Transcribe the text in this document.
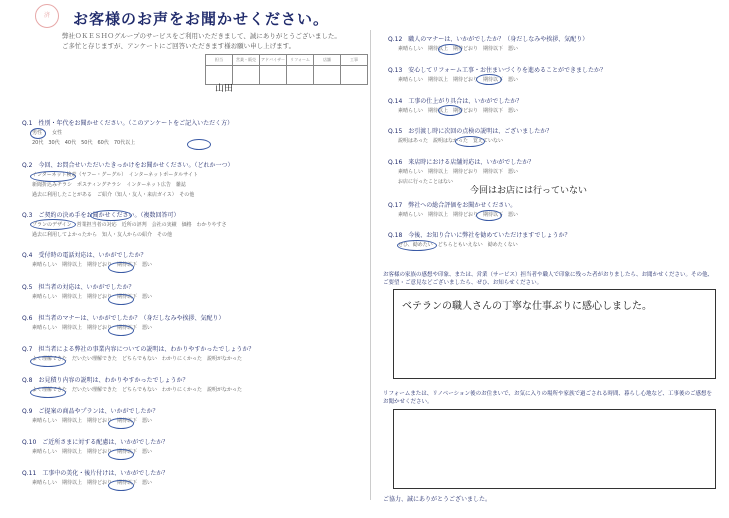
済	お客様のお声をお聞かせください。
弊社ＯＫＥＳＨＯグループのサービスをご利用いただきまして、誠にありがとうございました。
ご多忙と存じますが、アンケートにご回答いただきます様お願い申し上げます。
担当	営業・販売	アドバイザー	リフォーム	店舗	工事

山田
Q.1　性別・年代をお聞かせください。（このアンケートをご記入いただく方）
男性　　女性
20代　30代　40代　50代　60代　70代以上
Q.2　今回、お問合せいただいたきっかけをお聞かせください。（どれか一つ）
インターネット検索（ヤフー・グーグル）　インターネットポータルサイト
新聞折込みチラシ　ポスティングチラシ　インターネット広告　雑誌
過去に利用したことがある　ご紹介（知人・友人・来店ガイス）　その他
Q.3　ご契約の決め手をお聞かせください。（複数回答可）
プランのデザイン　営業担当者の対応　近所の評判　会社の実績　価格　わかりやすさ
過去に利用してよかったから　知人・友人からの紹介　その他
Q.4　受付時の電話対応は、いかがでしたか？
素晴らしい　期待以上　期待どおり　期待以下　悪い
Q.5　担当者の対応は、いかがでしたか？
素晴らしい　期待以上　期待どおり　期待以下　悪い
Q.6　担当者のマナーは、いかがでしたか？（身だしなみや挨拶、気配り）
素晴らしい　期待以上　期待どおり　期待以下　悪い
Q.7　担当者による弊社の事業内容についての説明は、わかりやすかったでしょうか？
よく理解できた　だいたい理解できた　どちらでもない　わかりにくかった　説明がなかった
Q.8　お見積り内容の説明は、わかりやすかったでしょうか？
よく理解できた　だいたい理解できた　どちらでもない　わかりにくかった　説明がなかった
Q.9　ご提案の商品やプランは、いかがでしたか？
素晴らしい　期待以上　期待どおり　期待以下　悪い
Q.10　ご近所さまに対する配慮は、いかがでしたか？
素晴らしい　期待以上　期待どおり　期待以下　悪い
Q.11　工事中の美化・後片付けは、いかがでしたか？
素晴らしい　期待以上　期待どおり　期待以下　悪い
Q.12　職人のマナーは、いかがでしたか？（身だしなみや挨拶、気配り）
素晴らしい　期待以上　期待どおり　期待以下　悪い
Q.13　安心してリフォーム工事・お住まいづくりを進めることができましたか？
素晴らしい　期待以上　期待どおり　期待以下　悪い
Q.14　工事の仕上がり具合は、いかがでしたか？
素晴らしい　期待以上　期待どおり　期待以下　悪い
Q.15　お引渡し時に次回の点検の説明は、ございましたか？
説明はあった　説明はなかった　覚えていない
Q.16　来店時における店舗対応は、いかがでしたか？
素晴らしい　期待以上　期待どおり　期待以下　悪い
お店に行ったことはない
Q.17　弊社への総合評価をお聞かせください。
素晴らしい　期待以上　期待どおり　期待以下　悪い
Q.18　今後、お知り合いに弊社を勧めていただけますでしょうか？
ぜひ、勧めたい　どちらともいえない　勧めたくない
今回はお店には行っていない
お客様の家族の感想や印象、または、営業（サービス）担当者や職人で印象に残った者がおりましたら、お聞かせください。その他、ご要望・ご意見などございましたら、ぜひ、お知らせください。
ベテランの職人さんの丁寧な仕事ぶりに感心しました。
リフォームまたは、リノベーション後のお住まいで、お気に入りの場所や家族で過ごされる時間、暮らし心地など、工事後のご感想をお聞かせください。
ご協力、誠にありがとうございました。
